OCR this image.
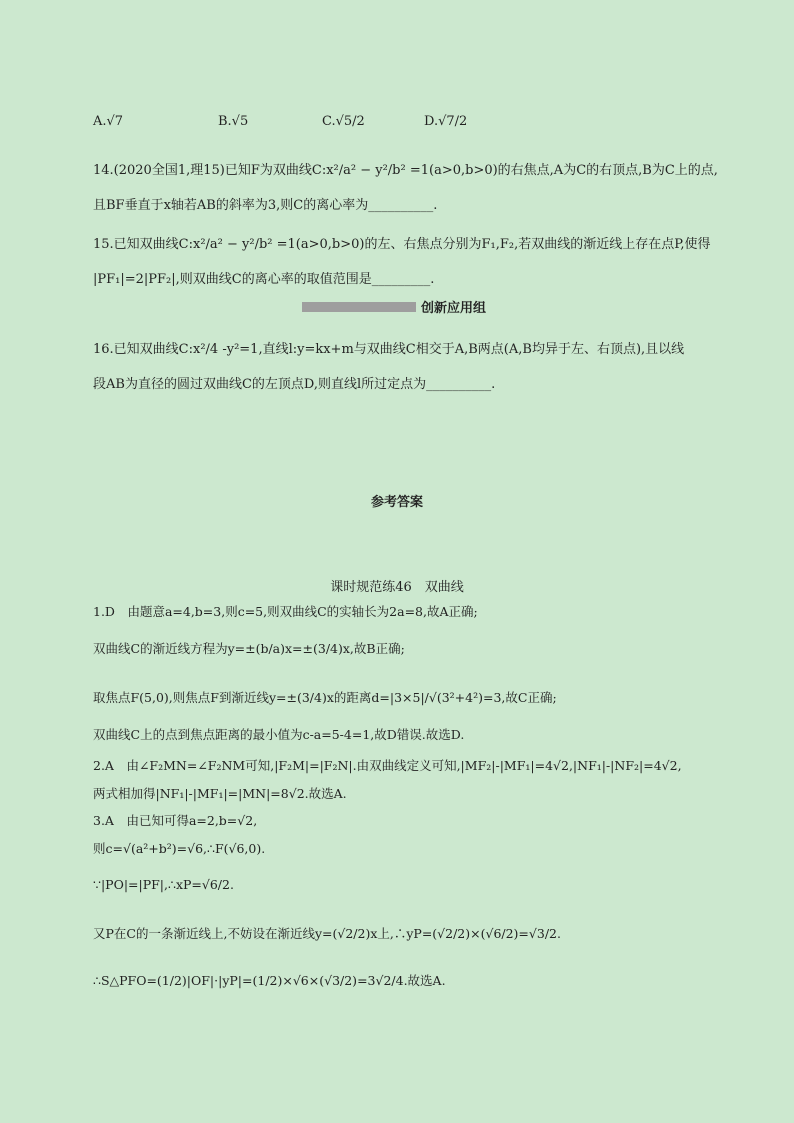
A.√7	B.√5	C.√5/2	D.√7/2
14.(2020全国1,理15)已知F为双曲线C:x²/a² − y²/b² =1(a>0,b>0)的右焦点,A为C的右顶点,B为C上的点,
且BF垂直于x轴若AB的斜率为3,则C的离心率为__________.
15.已知双曲线C:x²/a² − y²/b² =1(a>0,b>0)的左、右焦点分别为F₁,F₂,若双曲线的渐近线上存在点P,使得
|PF₁|=2|PF₂|,则双曲线C的离心率的取值范围是_________.
创新应用组
16.已知双曲线C:x²/4 -y²=1,直线l:y=kx+m与双曲线C相交于A,B两点(A,B均异于左、右顶点),且以线
段AB为直径的圆过双曲线C的左顶点D,则直线l所过定点为__________.
参考答案
课时规范练46　双曲线
1.D　由题意a=4,b=3,则c=5,则双曲线C的实轴长为2a=8,故A正确;
双曲线C的渐近线方程为y=±(b/a)x=±(3/4)x,故B正确;
取焦点F(5,0),则焦点F到渐近线y=±(3/4)x的距离d=|3×5|/√(3²+4²)=3,故C正确;
双曲线C上的点到焦点距离的最小值为c-a=5-4=1,故D错误.故选D.
2.A　由∠F₂MN=∠F₂NM可知,|F₂M|=|F₂N|.由双曲线定义可知,|MF₂|-|MF₁|=4√2,|NF₁|-|NF₂|=4√2,
两式相加得|NF₁|-|MF₁|=|MN|=8√2.故选A.
3.A　由已知可得a=2,b=√2,
则c=√(a²+b²)=√6,∴F(√6,0).
∵|PO|=|PF|,∴xP=√6/2.
又P在C的一条渐近线上,不妨设在渐近线y=(√2/2)x上,∴yP=(√2/2)×(√6/2)=√3/2.
∴S△PFO=(1/2)|OF|·|yP|=(1/2)×√6×(√3/2)=3√2/4.故选A.
